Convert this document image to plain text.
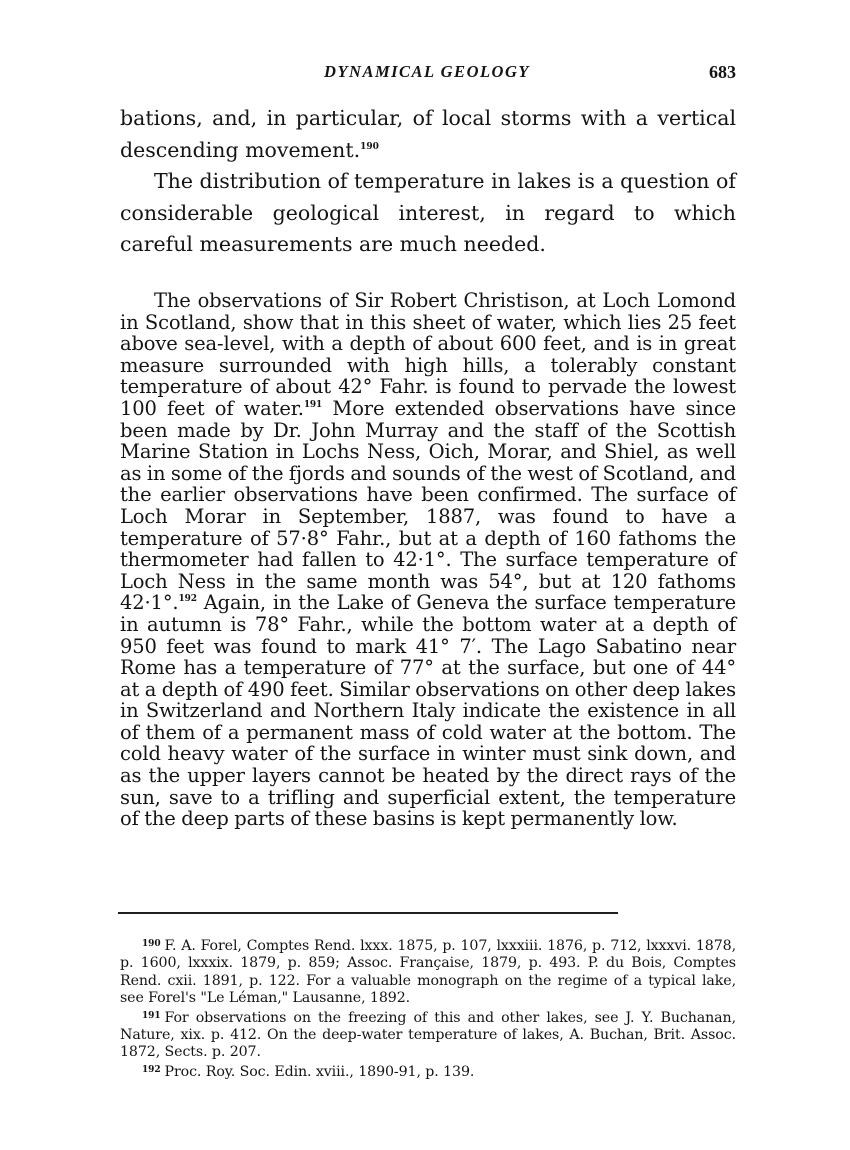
DYNAMICAL GEOLOGY	683

bations, and, in particular, of local storms with a vertical descending movement.$^{190}$

The distribution of temperature in lakes is a question of considerable geological interest, in regard to which careful measurements are much needed.

The observations of Sir Robert Christison, at Loch Lomond in Scotland, show that in this sheet of water, which lies 25 feet above sea-level, with a depth of about 600 feet, and is in great measure surrounded with high hills, a tolerably constant temperature of about 42° Fahr. is found to pervade the lowest 100 feet of water.$^{191}$ More extended observations have since been made by Dr. John Murray and the staff of the Scottish Marine Station in Lochs Ness, Oich, Morar, and Shiel, as well as in some of the fjords and sounds of the west of Scotland, and the earlier observations have been confirmed. The surface of Loch Morar in September, 1887, was found to have a temperature of 57·8° Fahr., but at a depth of 160 fathoms the thermometer had fallen to 42·1°. The surface temperature of Loch Ness in the same month was 54°, but at 120 fathoms 42·1°.$^{192}$ Again, in the Lake of Geneva the surface temperature in autumn is 78° Fahr., while the bottom water at a depth of 950 feet was found to mark 41° 7′. The Lago Sabatino near Rome has a temperature of 77° at the surface, but one of 44° at a depth of 490 feet. Similar observations on other deep lakes in Switzerland and Northern Italy indicate the existence in all of them of a permanent mass of cold water at the bottom. The cold heavy water of the surface in winter must sink down, and as the upper layers cannot be heated by the direct rays of the sun, save to a trifling and superficial extent, the temperature of the deep parts of these basins is kept permanently low.

$^{190}$ F. A. Forel, Comptes Rend. lxxx. 1875, p. 107, lxxxiii. 1876, p. 712, lxxxvi. 1878, p. 1600, lxxxix. 1879, p. 859; Assoc. Française, 1879, p. 493. P. du Bois, Comptes Rend. cxii. 1891, p. 122. For a valuable monograph on the regime of a typical lake, see Forel's "Le Léman," Lausanne, 1892.

$^{191}$ For observations on the freezing of this and other lakes, see J. Y. Buchanan, Nature, xix. p. 412. On the deep-water temperature of lakes, A. Buchan, Brit. Assoc. 1872, Sects. p. 207.

$^{192}$ Proc. Roy. Soc. Edin. xviii., 1890-91, p. 139.
